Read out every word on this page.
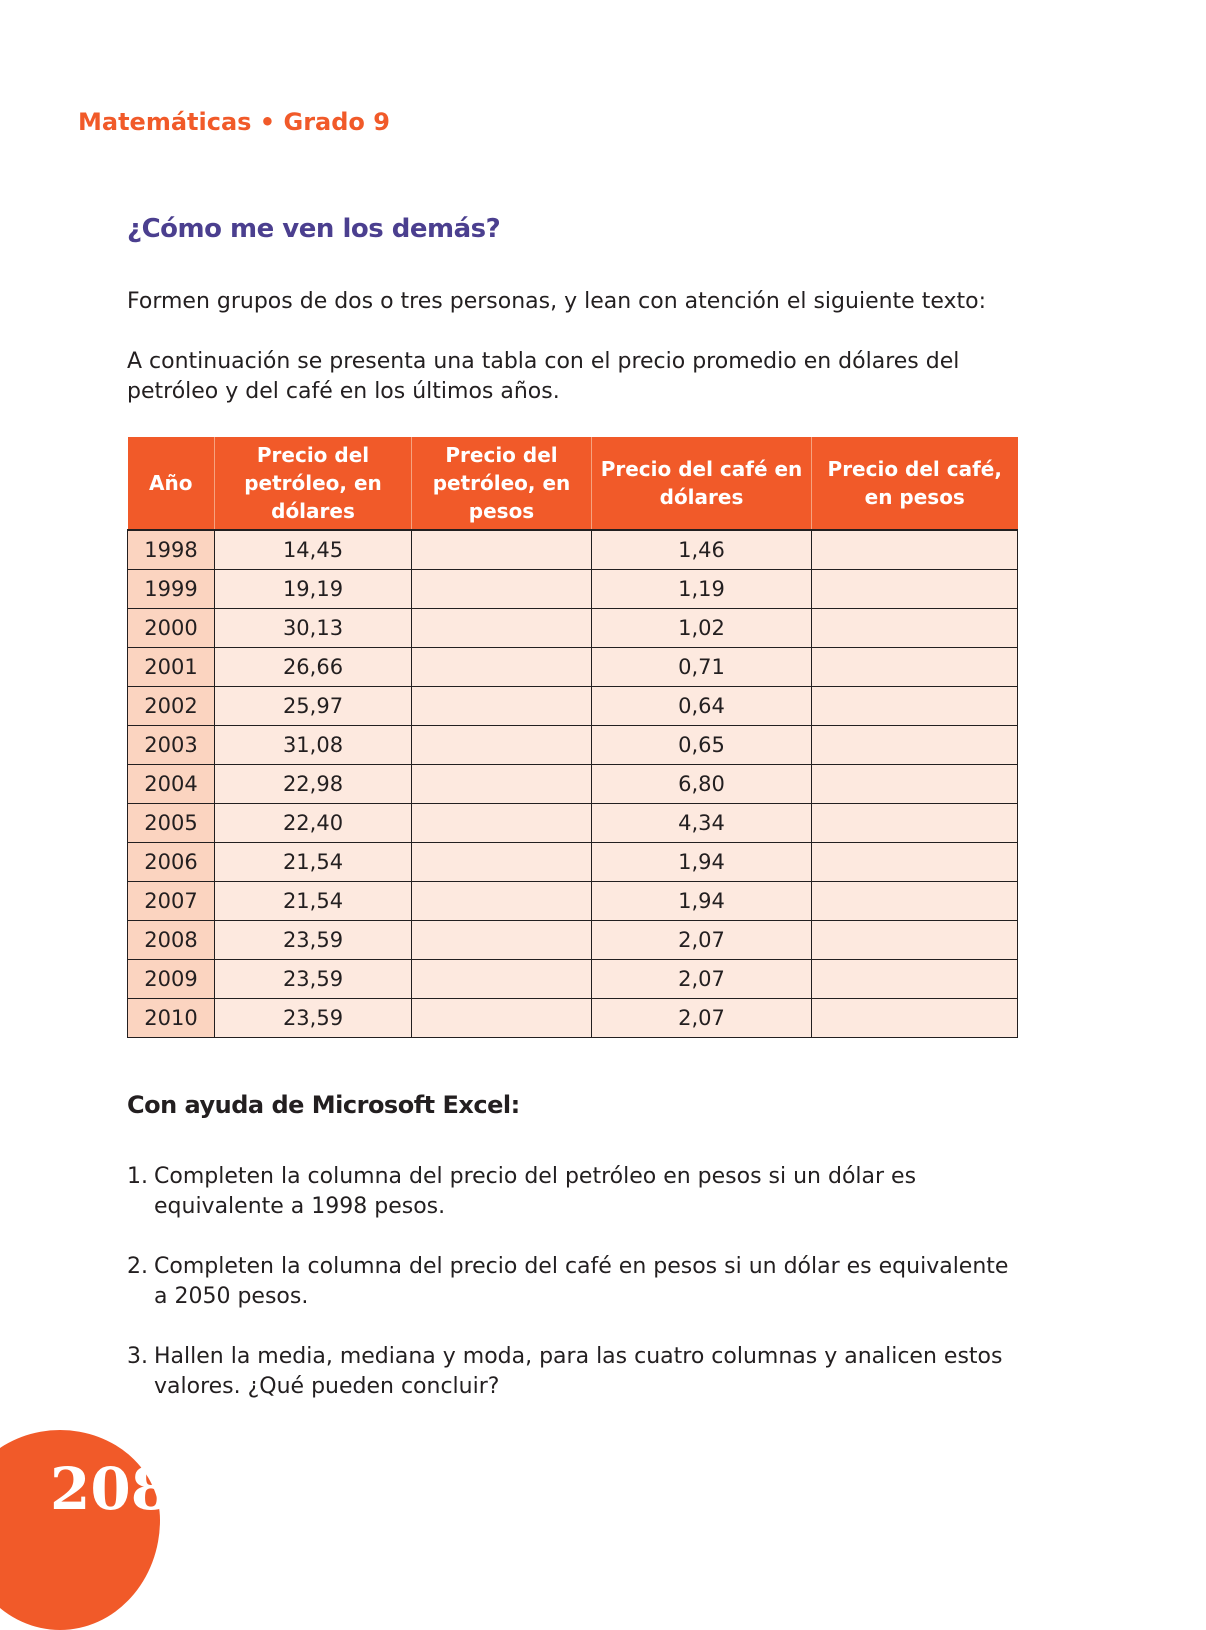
Matemáticas • Grado 9
¿Cómo me ven los demás?
Formen grupos de dos o tres personas, y lean con atención el siguiente texto:
A continuación se presenta una tabla con el precio promedio en dólares del petróleo y del café en los últimos años.
Año	Precio del petróleo, en dólares	Precio del petróleo, en pesos	Precio del café en dólares	Precio del café, en pesos
1998	14,45		1,46	
1999	19,19		1,19	
2000	30,13		1,02	
2001	26,66		0,71	
2002	25,97		0,64	
2003	31,08		0,65	
2004	22,98		6,80	
2005	22,40		4,34	
2006	21,54		1,94	
2007	21,54		1,94	
2008	23,59		2,07	
2009	23,59		2,07	
2010	23,59		2,07	
Con ayuda de Microsoft Excel:
1. Completen la columna del precio del petróleo en pesos si un dólar es equivalente a 1998 pesos.
2. Completen la columna del precio del café en pesos si un dólar es equivalente a 2050 pesos.
3. Hallen la media, mediana y moda, para las cuatro columnas y analicen estos valores. ¿Qué pueden concluir?
208
